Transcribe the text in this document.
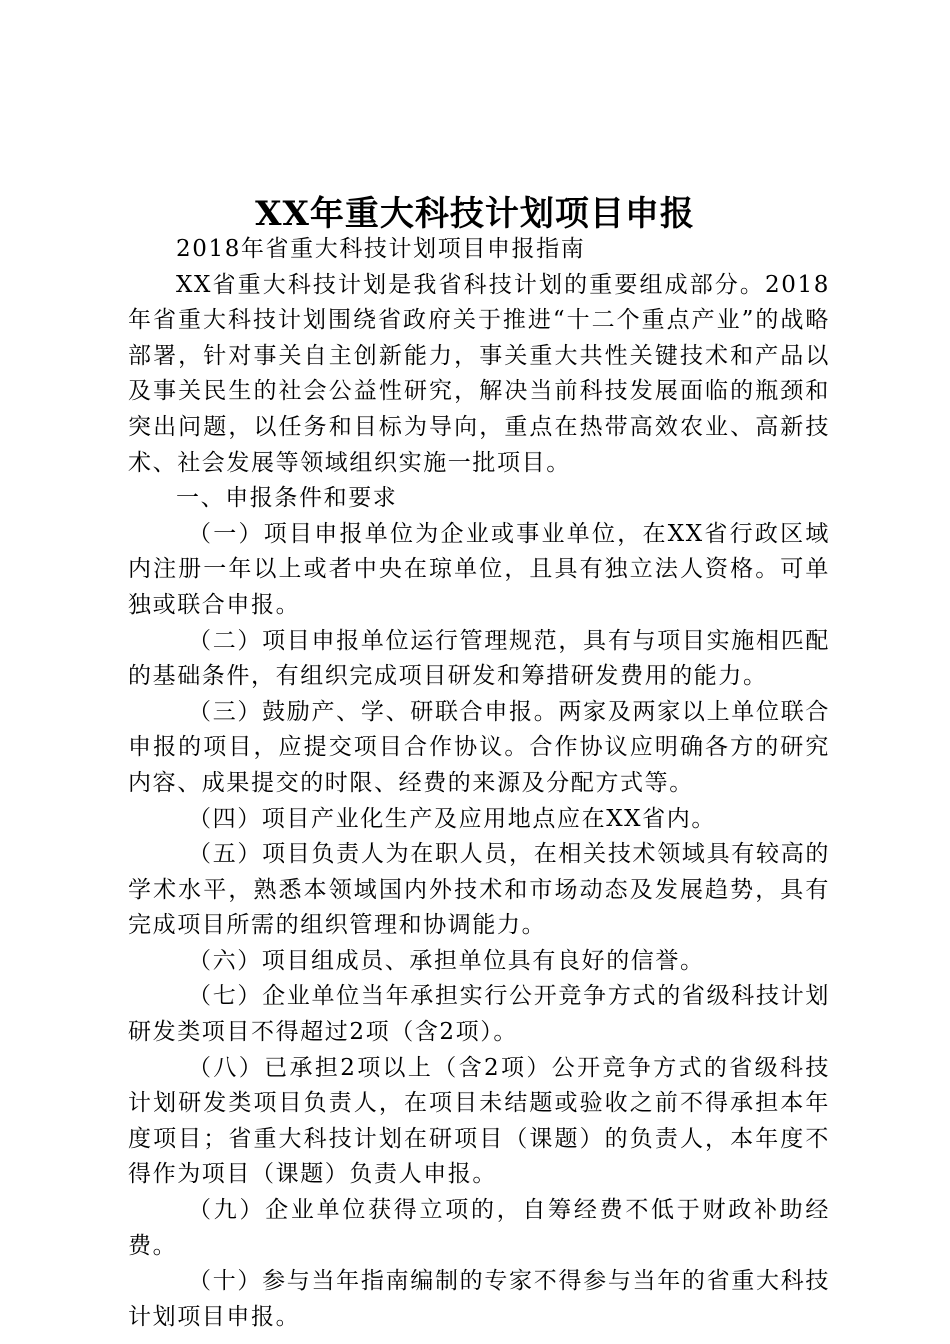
XX年重大科技计划项目申报

2018年省重大科技计划项目申报指南

XX省重大科技计划是我省科技计划的重要组成部分。2018年省重大科技计划围绕省政府关于推进“十二个重点产业”的战略部署，针对事关自主创新能力，事关重大共性关键技术和产品以及事关民生的社会公益性研究，解决当前科技发展面临的瓶颈和突出问题，以任务和目标为导向，重点在热带高效农业、高新技术、社会发展等领域组织实施一批项目。

一、申报条件和要求

（一）项目申报单位为企业或事业单位，在XX省行政区域内注册一年以上或者中央在琼单位，且具有独立法人资格。可单独或联合申报。

（二）项目申报单位运行管理规范，具有与项目实施相匹配的基础条件，有组织完成项目研发和筹措研发费用的能力。

（三）鼓励产、学、研联合申报。两家及两家以上单位联合申报的项目，应提交项目合作协议。合作协议应明确各方的研究内容、成果提交的时限、经费的来源及分配方式等。

（四）项目产业化生产及应用地点应在XX省内。

（五）项目负责人为在职人员，在相关技术领域具有较高的学术水平，熟悉本领域国内外技术和市场动态及发展趋势，具有完成项目所需的组织管理和协调能力。

（六）项目组成员、承担单位具有良好的信誉。

（七）企业单位当年承担实行公开竞争方式的省级科技计划研发类项目不得超过2项（含2项）。

（八）已承担2项以上（含2项）公开竞争方式的省级科技计划研发类项目负责人，在项目未结题或验收之前不得承担本年度项目；省重大科技计划在研项目（课题）的负责人，本年度不得作为项目（课题）负责人申报。

（九）企业单位获得立项的，自筹经费不低于财政补助经费。

（十）参与当年指南编制的专家不得参与当年的省重大科技计划项目申报。
